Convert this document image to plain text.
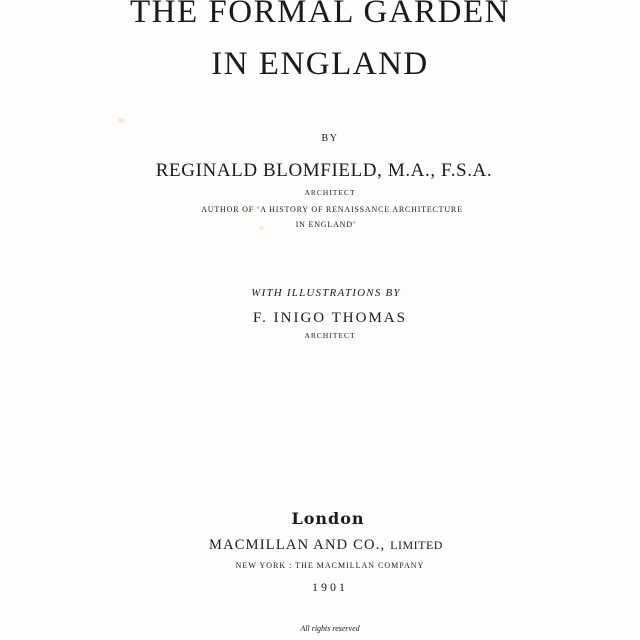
THE FORMAL GARDEN
IN ENGLAND
BY
REGINALD BLOMFIELD, M.A., F.S.A.
ARCHITECT
AUTHOR OF ‘A HISTORY OF RENAISSANCE ARCHITECTURE
IN ENGLAND’
WITH ILLUSTRATIONS BY
F. INIGO THOMAS
ARCHITECT
London
MACMILLAN AND CO., LIMITED
NEW YORK : THE MACMILLAN COMPANY
1901
All rights reserved
